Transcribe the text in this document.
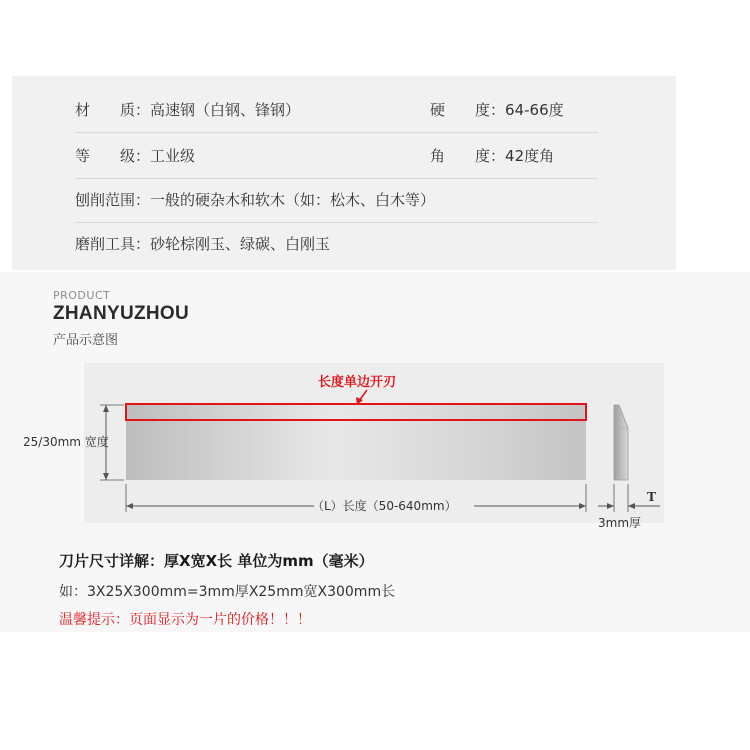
材　　质：高速钢（白钢、锋钢）	硬　　度：64-66度
等　　级：工业级	角　　度：42度角
刨削范围：一般的硬杂木和软木（如：松木、白木等）
磨削工具：砂轮棕刚玉、绿碳、白刚玉
PRODUCT
ZHANYUZHOU
产品示意图
长度单边开刃
25/30mm 宽度
（L）长度（50-640mm）
T
3mm厚
刀片尺寸详解：厚X宽X长 单位为mm（毫米）
如：3X25X300mm=3mm厚X25mm宽X300mm长
温馨提示：页面显示为一片的价格！！！
